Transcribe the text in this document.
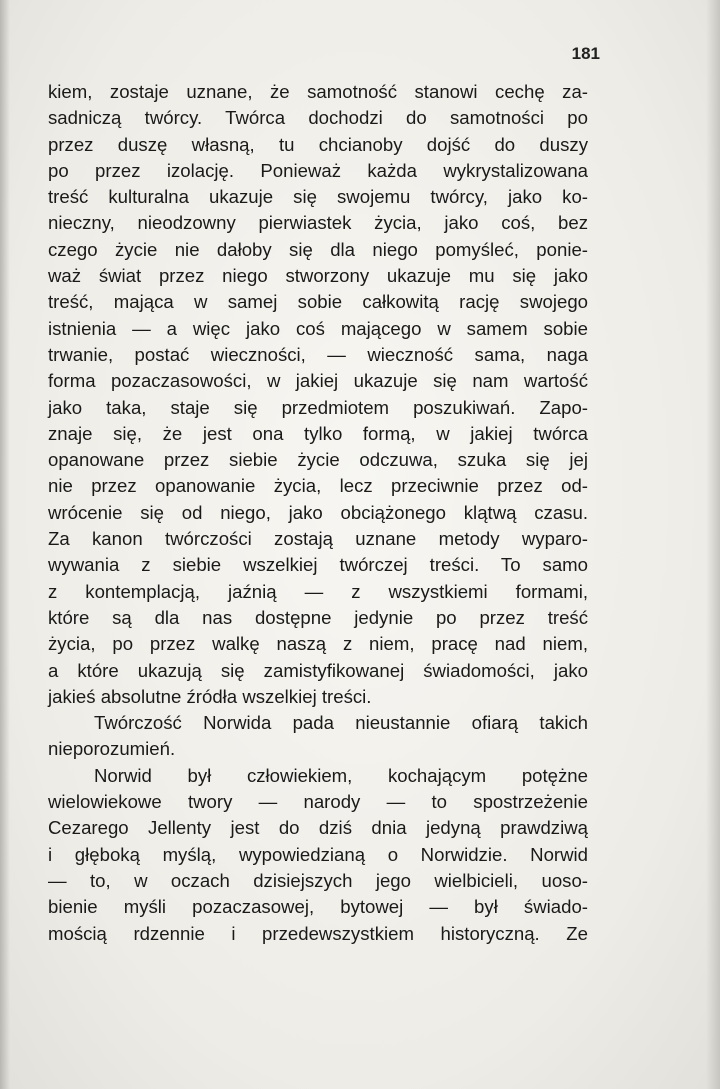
181
kiem, zostaje uznane, że samotność stanowi cechę za-
sadniczą twórcy. Twórca dochodzi do samotności po
przez duszę własną, tu chcianoby dojść do duszy
po przez izolację. Ponieważ każda wykrystalizowana
treść kulturalna ukazuje się swojemu twórcy, jako ko-
nieczny, nieodzowny pierwiastek życia, jako coś, bez
czego życie nie dałoby się dla niego pomyśleć, ponie-
waż świat przez niego stworzony ukazuje mu się jako
treść, mająca w samej sobie całkowitą rację swojego
istnienia — a więc jako coś mającego w samem sobie
trwanie, postać wieczności, — wieczność sama, naga
forma pozaczasowości, w jakiej ukazuje się nam wartość
jako taka, staje się przedmiotem poszukiwań. Zapo-
znaje się, że jest ona tylko formą, w jakiej twórca
opanowane przez siebie życie odczuwa, szuka się jej
nie przez opanowanie życia, lecz przeciwnie przez od-
wrócenie się od niego, jako obciążonego klątwą czasu.
Za kanon twórczości zostają uznane metody wyparo-
wywania z siebie wszelkiej twórczej treści. To samo
z kontemplacją, jaźnią — z wszystkiemi formami,
które są dla nas dostępne jedynie po przez treść
życia, po przez walkę naszą z niem, pracę nad niem,
a które ukazują się zamistyfikowanej świadomości, jako
jakieś absolutne źródła wszelkiej treści.
Twórczość Norwida pada nieustannie ofiarą takich
nieporozumień.
Norwid był człowiekiem, kochającym potężne
wielowiekowe twory — narody — to spostrzeżenie
Cezarego Jellenty jest do dziś dnia jedyną prawdziwą
i głęboką myślą, wypowiedzianą o Norwidzie. Norwid
— to, w oczach dzisiejszych jego wielbicieli, uoso-
bienie myśli pozaczasowej, bytowej — był świado-
mością rdzennie i przedewszystkiem historyczną. Ze
